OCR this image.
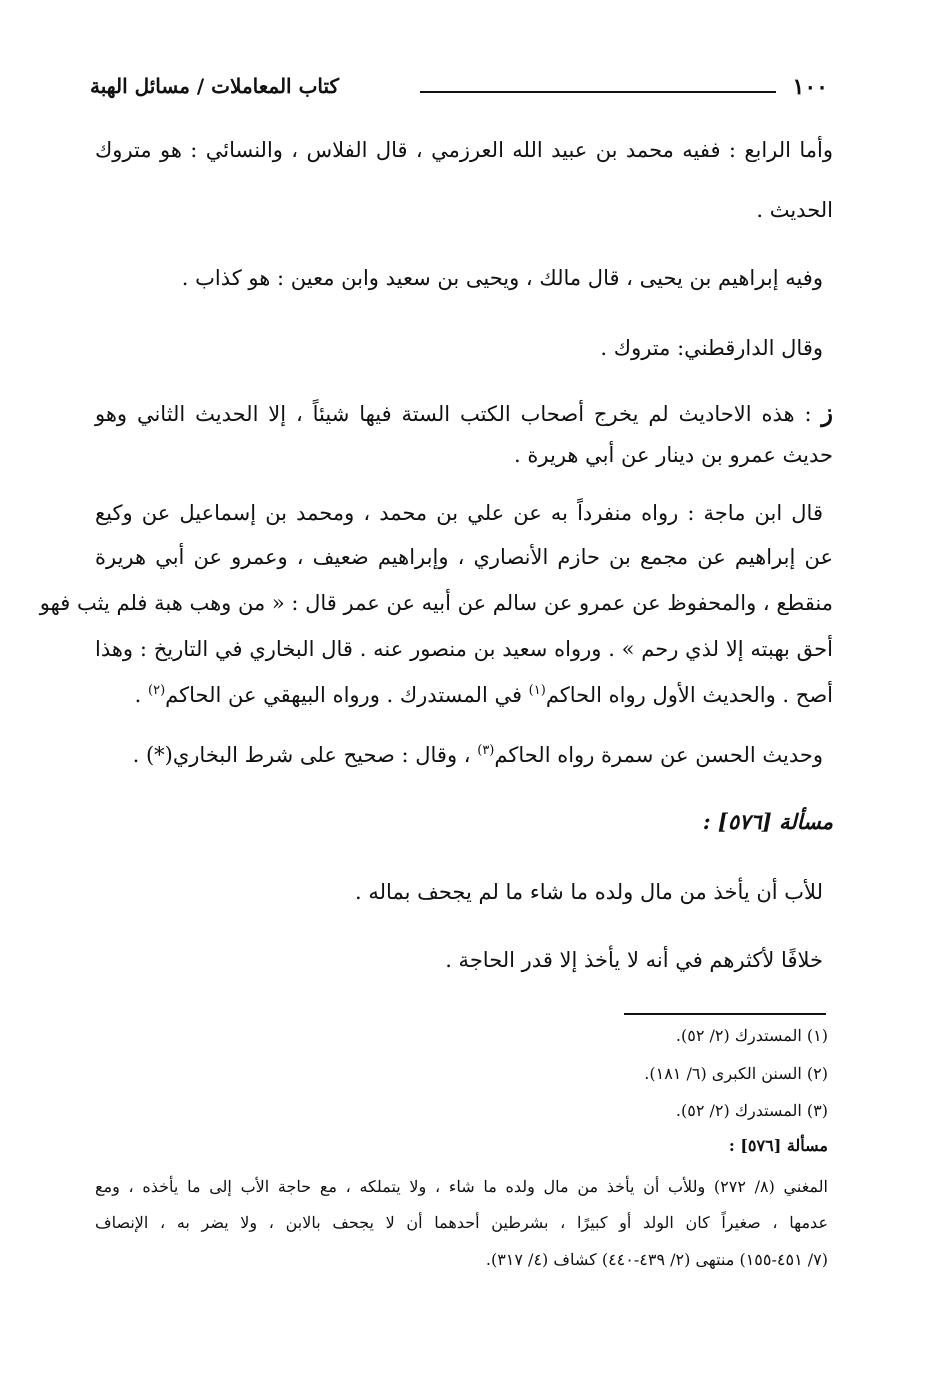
١٠٠
كتاب المعاملات / مسائل الهبة
وأما الرابع : ففيه محمد بن عبيد الله العرزمي ، قال الفلاس ، والنسائي : هو متروك
الحديث .
وفيه إبراهيم بن يحيى ، قال مالك ، ويحيى بن سعيد وابن معين : هو كذاب .
وقال الدارقطني: متروك .
ز : هذه الاحاديث لم يخرج أصحاب الكتب الستة فيها شيئاً ، إلا الحديث الثاني وهو
حديث عمرو بن دينار عن أبي هريرة .
قال ابن ماجة : رواه منفرداً به عن علي بن محمد ، ومحمد بن إسماعيل عن وكيع
عن إبراهيم عن مجمع بن حازم الأنصاري ، وإبراهيم ضعيف ، وعمرو عن أبي هريرة
منقطع ، والمحفوظ عن عمرو عن سالم عن أبيه عن عمر قال : « من وهب هبة فلم يثب فهو
أحق بهبته إلا لذي رحم » . ورواه سعيد بن منصور عنه . قال البخاري في التاريخ : وهذا
أصح . والحديث الأول رواه الحاكم$^{(١)}$ في المستدرك . ورواه البيهقي عن الحاكم$^{(٢)}$ .
وحديث الحسن عن سمرة رواه الحاكم$^{(٣)}$ ، وقال : صحيح على شرط البخاري(*) .
مسألة [٥٧٦] :
للأب أن يأخذ من مال ولده ما شاء ما لم يجحف بماله .
خلافًا لأكثرهم في أنه لا يأخذ إلا قدر الحاجة .
(١) المستدرك (٢/ ٥٢).
(٢) السنن الكبرى (٦/ ١٨١).
(٣) المستدرك (٢/ ٥٢).
مسألة [٥٧٦] :
المغني (٨/ ٢٧٢) وللأب أن يأخذ من مال ولده ما شاء ، ولا يتملكه ، مع حاجة الأب إلى ما يأخذه ، ومع
عدمها ، صغيراً كان الولد أو كبيرًا ، بشرطين أحدهما أن لا يجحف بالابن ، ولا يضر به ، الإنصاف
(٧/ ٤٥١-١٥٥) منتهى (٢/ ٤٣٩-٤٤٠) كشاف (٤/ ٣١٧).
